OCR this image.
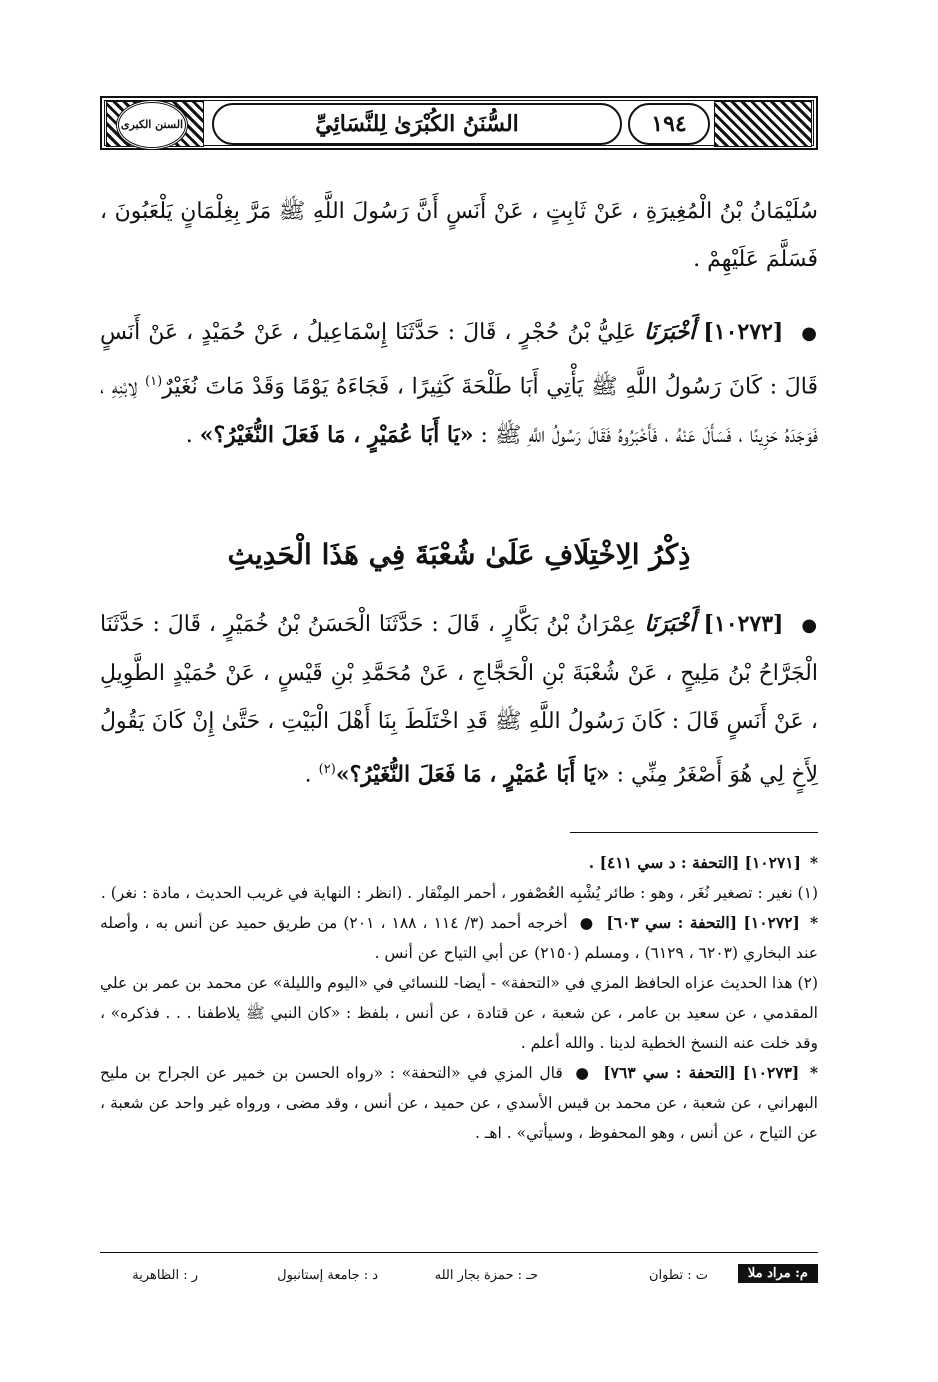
السنن الكبرى	١٩٤
السُّنَنُ الكُبْرَىٰ لِلنَّسَائِيِّ
سُلَيْمَانُ بْنُ الْمُغِيرَةِ ، عَنْ ثَابِتٍ ، عَنْ أَنَسٍ أَنَّ رَسُولَ اللَّهِ ﷺ مَرَّ بِغِلْمَانٍ يَلْعَبُونَ ، فَسَلَّمَ عَلَيْهِمْ .
● [١٠٢٧٢] أَخْبَرَنَا عَلِيُّ بْنُ حُجْرٍ ، قَالَ : حَدَّثَنَا إِسْمَاعِيلُ ، عَنْ حُمَيْدٍ ، عَنْ أَنَسٍ قَالَ : كَانَ رَسُولُ اللَّهِ ﷺ يَأْتِي أَبَا طَلْحَةَ كَثِيرًا ، فَجَاءَهُ يَوْمًا وَقَدْ مَاتَ نُغَيْرٌ$^{(١)}$ لِابْنِهِ ، فَوَجَدَهُ حَزِينًا ، فَسَأَلَ عَنْهُ ، فَأَخْبَرُوهُ فَقَالَ رَسُولُ اللَّهِ ﷺ : «يَا أَبَا عُمَيْرٍ ، مَا فَعَلَ النُّغَيْرُ؟» .
ذِكْرُ الِاخْتِلَافِ عَلَىٰ شُعْبَةَ فِي هَذَا الْحَدِيثِ
● [١٠٢٧٣] أَخْبَرَنَا عِمْرَانُ بْنُ بَكَّارٍ ، قَالَ : حَدَّثَنَا الْحَسَنُ بْنُ خُمَيْرٍ ، قَالَ : حَدَّثَنَا الْجَرَّاحُ بْنُ مَلِيحٍ ، عَنْ شُعْبَةَ بْنِ الْحَجَّاجِ ، عَنْ مُحَمَّدِ بْنِ قَيْسٍ ، عَنْ حُمَيْدٍ الطَّوِيلِ ، عَنْ أَنَسٍ قَالَ : كَانَ رَسُولُ اللَّهِ ﷺ قَدِ اخْتَلَطَ بِنَا أَهْلَ الْبَيْتِ ، حَتَّىٰ إِنْ كَانَ يَقُولُ لِأَخٍ لِي هُوَ أَصْغَرُ مِنِّي : «يَا أَبَا عُمَيْرٍ ، مَا فَعَلَ النُّغَيْرُ؟»$^{(٢)}$ .

* [١٠٢٧١] [التحفة : د سي ٤١١] .

(١) نغير : تصغير نُغَر ، وهو : طائر يُشْبِه العُصْفور ، أحمر المِنْقار . (انظر : النهاية في غريب الحديث ، مادة : نغر) .

* [١٠٢٧٢] [التحفة : سي ٦٠٣] ● أخرجه أحمد (٣/ ١١٤ ، ١٨٨ ، ٢٠١) من طريق حميد عن أنس به ، وأصله عند البخاري (٦٢٠٣ ، ٦١٢٩) ، ومسلم (٢١٥٠) عن أبي التياح عن أنس .

(٢) هذا الحديث عزاه الحافظ المزي في «التحفة» - أيضا- للنسائي في «اليوم والليلة» عن محمد بن عمر بن علي المقدمي ، عن سعيد بن عامر ، عن شعبة ، عن قتادة ، عن أنس ، بلفظ : «كان النبي ﷺ يلاطفنا . . . فذكره» ، وقد خلت عنه النسخ الخطية لدينا . والله أعلم .

* [١٠٢٧٣] [التحفة : سي ٧٦٣] ● قال المزي في «التحفة» : «رواه الحسن بن خمير عن الجراح بن مليح البهراني ، عن شعبة ، عن محمد بن قيس الأسدي ، عن حميد ، عن أنس ، وقد مضى ، ورواه غير واحد عن شعبة ، عن التياح ، عن أنس ، وهو المحفوظ ، وسيأتي» . اهـ .

م: مراد ملا
ت : تطوان
حـ : حمزة بجار الله
د : جامعة إستانبول
ر : الظاهرية
